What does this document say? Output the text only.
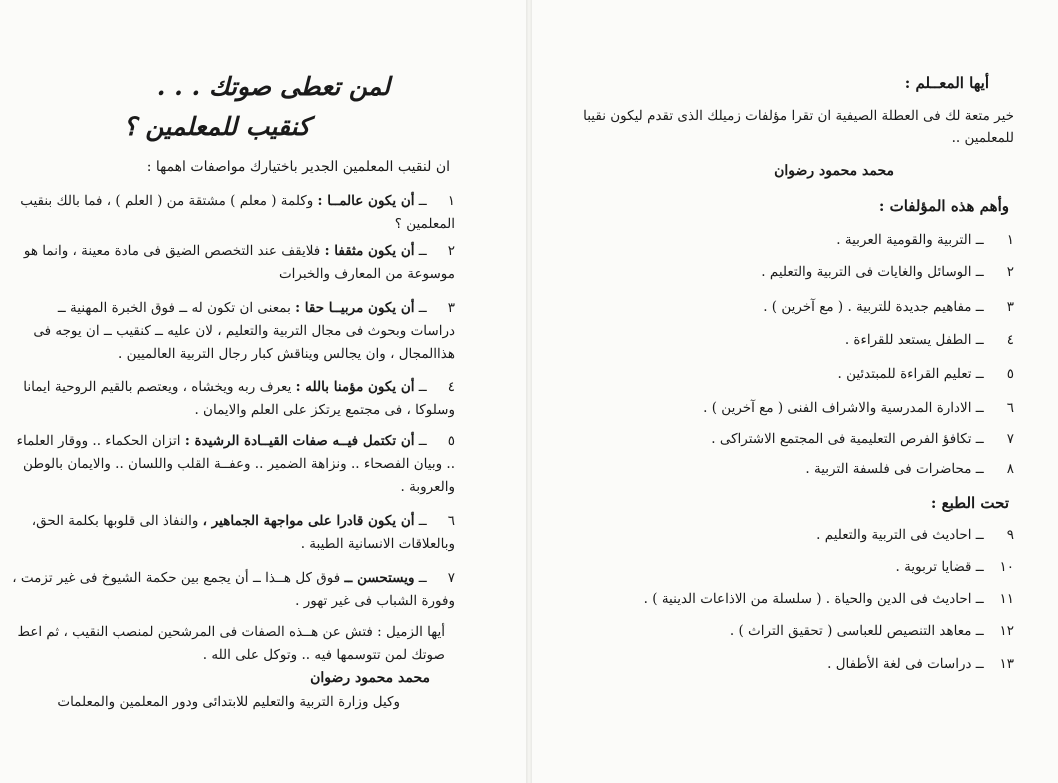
لمن تعطى صوتك . . .
كنقيب للمعلمين ؟
ان لنقيب المعلمين الجدير باختيارك مواصفات اهمها :
١ ــ أن يكون عالمــا : وكلمة ( معلم ) مشتقة من ( العلم ) ، فما بالك بنقيب المعلمين ؟
٢ ــ أن يكون مثقفا : فلايقف عند التخصص الضيق فى مادة معينة ، وانما هو موسوعة من المعارف والخبرات
٣ ــ أن يكون مربيــا حقا : بمعنى ان تكون له ــ فوق الخبرة المهنية ــ دراسات وبحوث فى مجال التربية والتعليم ، لان عليه ــ كنقيب ــ ان يوجه فى هذاالمجال ، وان يجالس ويناقش كبار رجال التربية العالميين .
٤ ــ أن يكون مؤمنا بالله : يعرف ربه ويخشاه ، ويعتصم بالقيم الروحية ايمانا وسلوكا ، فى مجتمع يرتكز على العلم والايمان .
٥ ــ أن تكتمل فيــه صفات القيــادة الرشيدة : اتزان الحكماء .. ووقار العلماء .. وبيان الفصحاء .. ونزاهة الضمير .. وعفــة القلب واللسان .. والايمان بالوطن والعروبة .
٦ ــ أن يكون قادرا على مواجهة الجماهير ، والنفاذ الى قلوبها بكلمة الحق، وبالعلاقات الانسانية الطيبة .
٧ ــ ويستحسن ــ فوق كل هــذا ــ أن يجمع بين حكمة الشيوخ فى غير تزمت ، وفورة الشباب فى غير تهور .
أيها الزميل : فتش عن هــذه الصفات فى المرشحين لمنصب النقيب ، ثم اعط صوتك لمن تتوسمها فيه .. وتوكل على الله .
محمد محمود رضوان
وكيل وزارة التربية والتعليم للابتدائى ودور المعلمين والمعلمات
أيها المعــلم :
خير متعة لك فى العطلة الصيفية ان تقرا مؤلفات زميلك الذى تقدم ليكون نقيبا للمعلمين ..
محمد محمود رضوان
وأهم هذه المؤلفات :
١ ــ التربية والقومية العربية .
٢ ــ الوسائل والغايات فى التربية والتعليم .
٣ ــ مفاهيم جديدة للتربية . ( مع آخرين ) .
٤ ــ الطفل يستعد للقراءة .
٥ ــ تعليم القراءة للمبتدئين .
٦ ــ الادارة المدرسية والاشراف الفنى ( مع آخرين ) .
٧ ــ تكافؤ الفرص التعليمية فى المجتمع الاشتراكى .
٨ ــ محاضرات فى فلسفة التربية .
تحت الطبع :
٩ ــ احاديث فى التربية والتعليم .
١٠ ــ قضايا تربوية .
١١ ــ احاديث فى الدين والحياة . ( سلسلة من الاذاعات الدينية ) .
١٢ ــ معاهد التنصيص للعباسى ( تحقيق التراث ) .
١٣ ــ دراسات فى لغة الأطفال .
